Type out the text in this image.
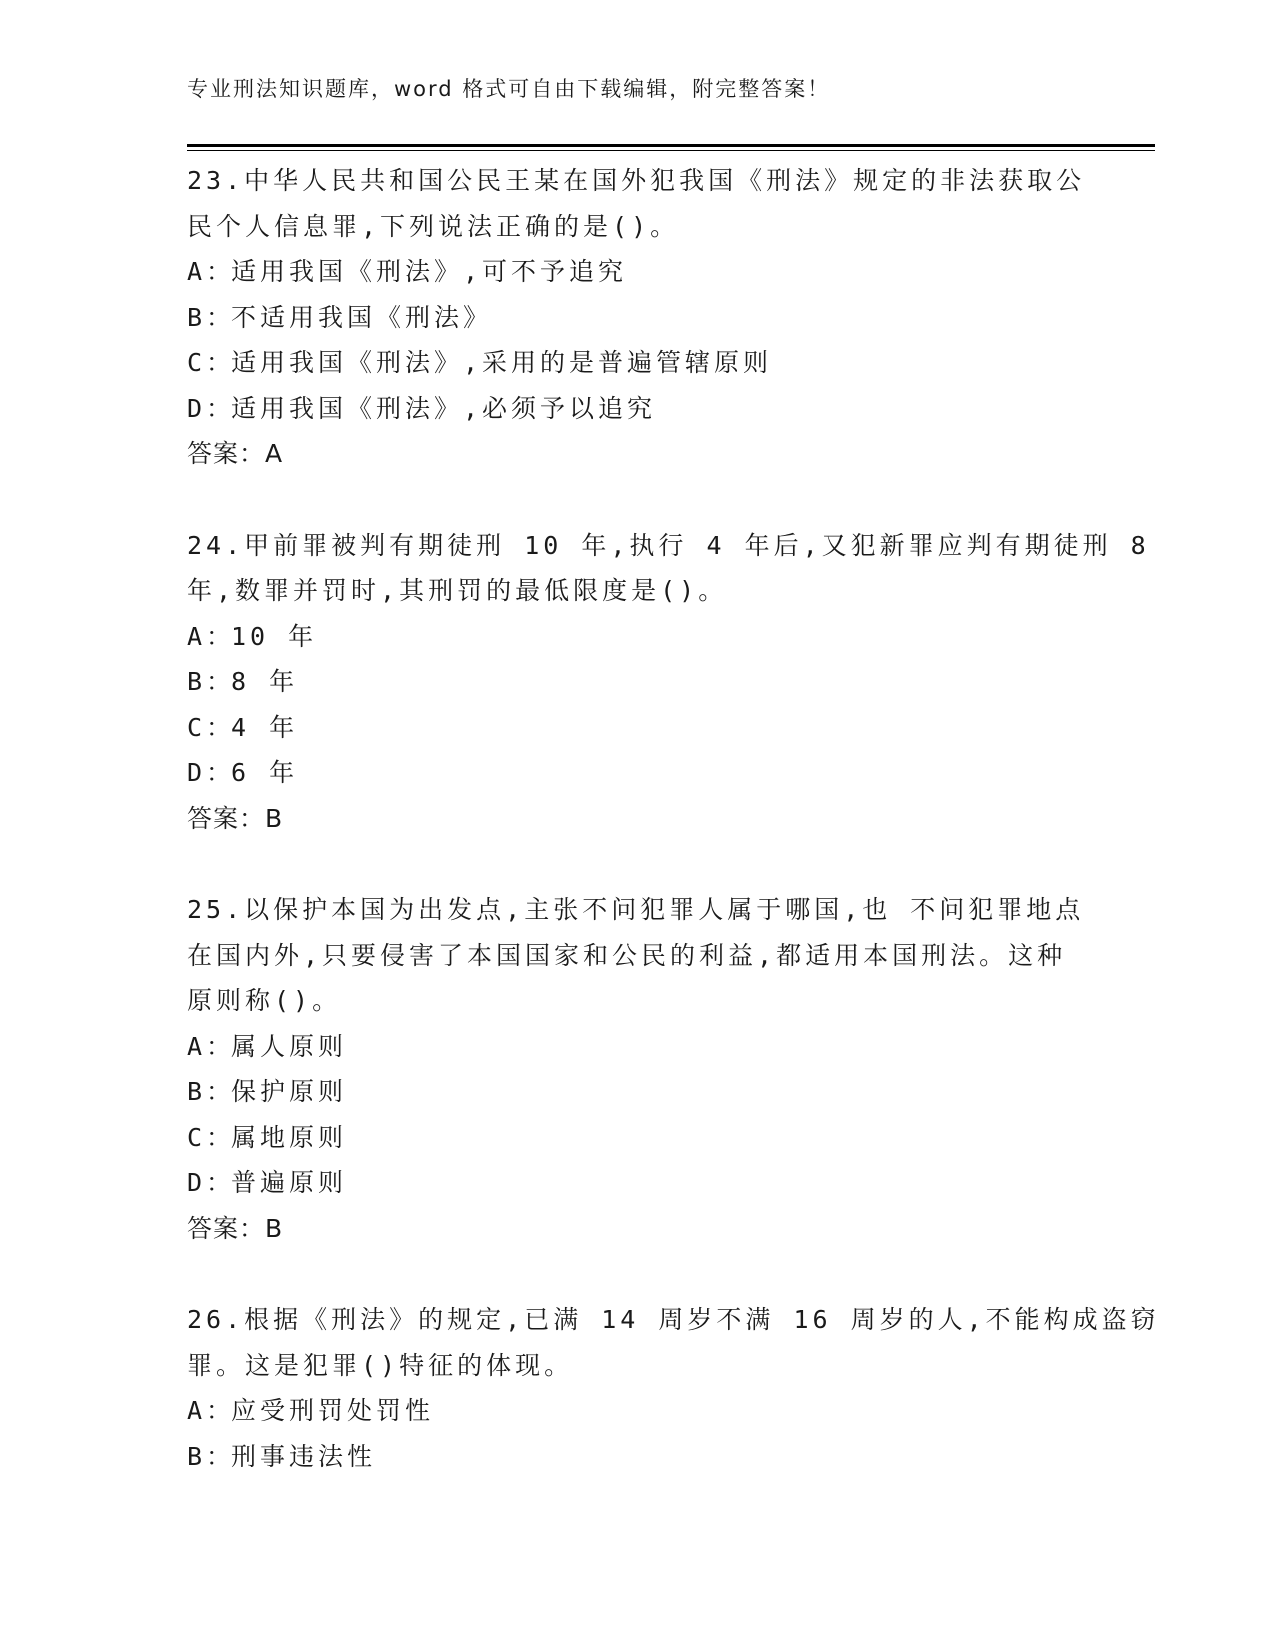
专业刑法知识题库，word 格式可自由下载编辑，附完整答案！
23.中华人民共和国公民王某在国外犯我国《刑法》规定的非法获取公
民个人信息罪,下列说法正确的是()。
A：适用我国《刑法》,可不予追究
B：不适用我国《刑法》
C：适用我国《刑法》,采用的是普遍管辖原则
D：适用我国《刑法》,必须予以追究
答案：A
24.甲前罪被判有期徒刑 10 年,执行 4 年后,又犯新罪应判有期徒刑 8
年,数罪并罚时,其刑罚的最低限度是()。
A：10 年
B：8 年
C：4 年
D：6 年
答案：B
25.以保护本国为出发点,主张不问犯罪人属于哪国,也 不问犯罪地点
在国内外,只要侵害了本国国家和公民的利益,都适用本国刑法。这种
原则称()。
A：属人原则
B：保护原则
C：属地原则
D：普遍原则
答案：B
26.根据《刑法》的规定,已满 14 周岁不满 16 周岁的人,不能构成盗窃
罪。这是犯罪()特征的体现。
A：应受刑罚处罚性
B：刑事违法性
